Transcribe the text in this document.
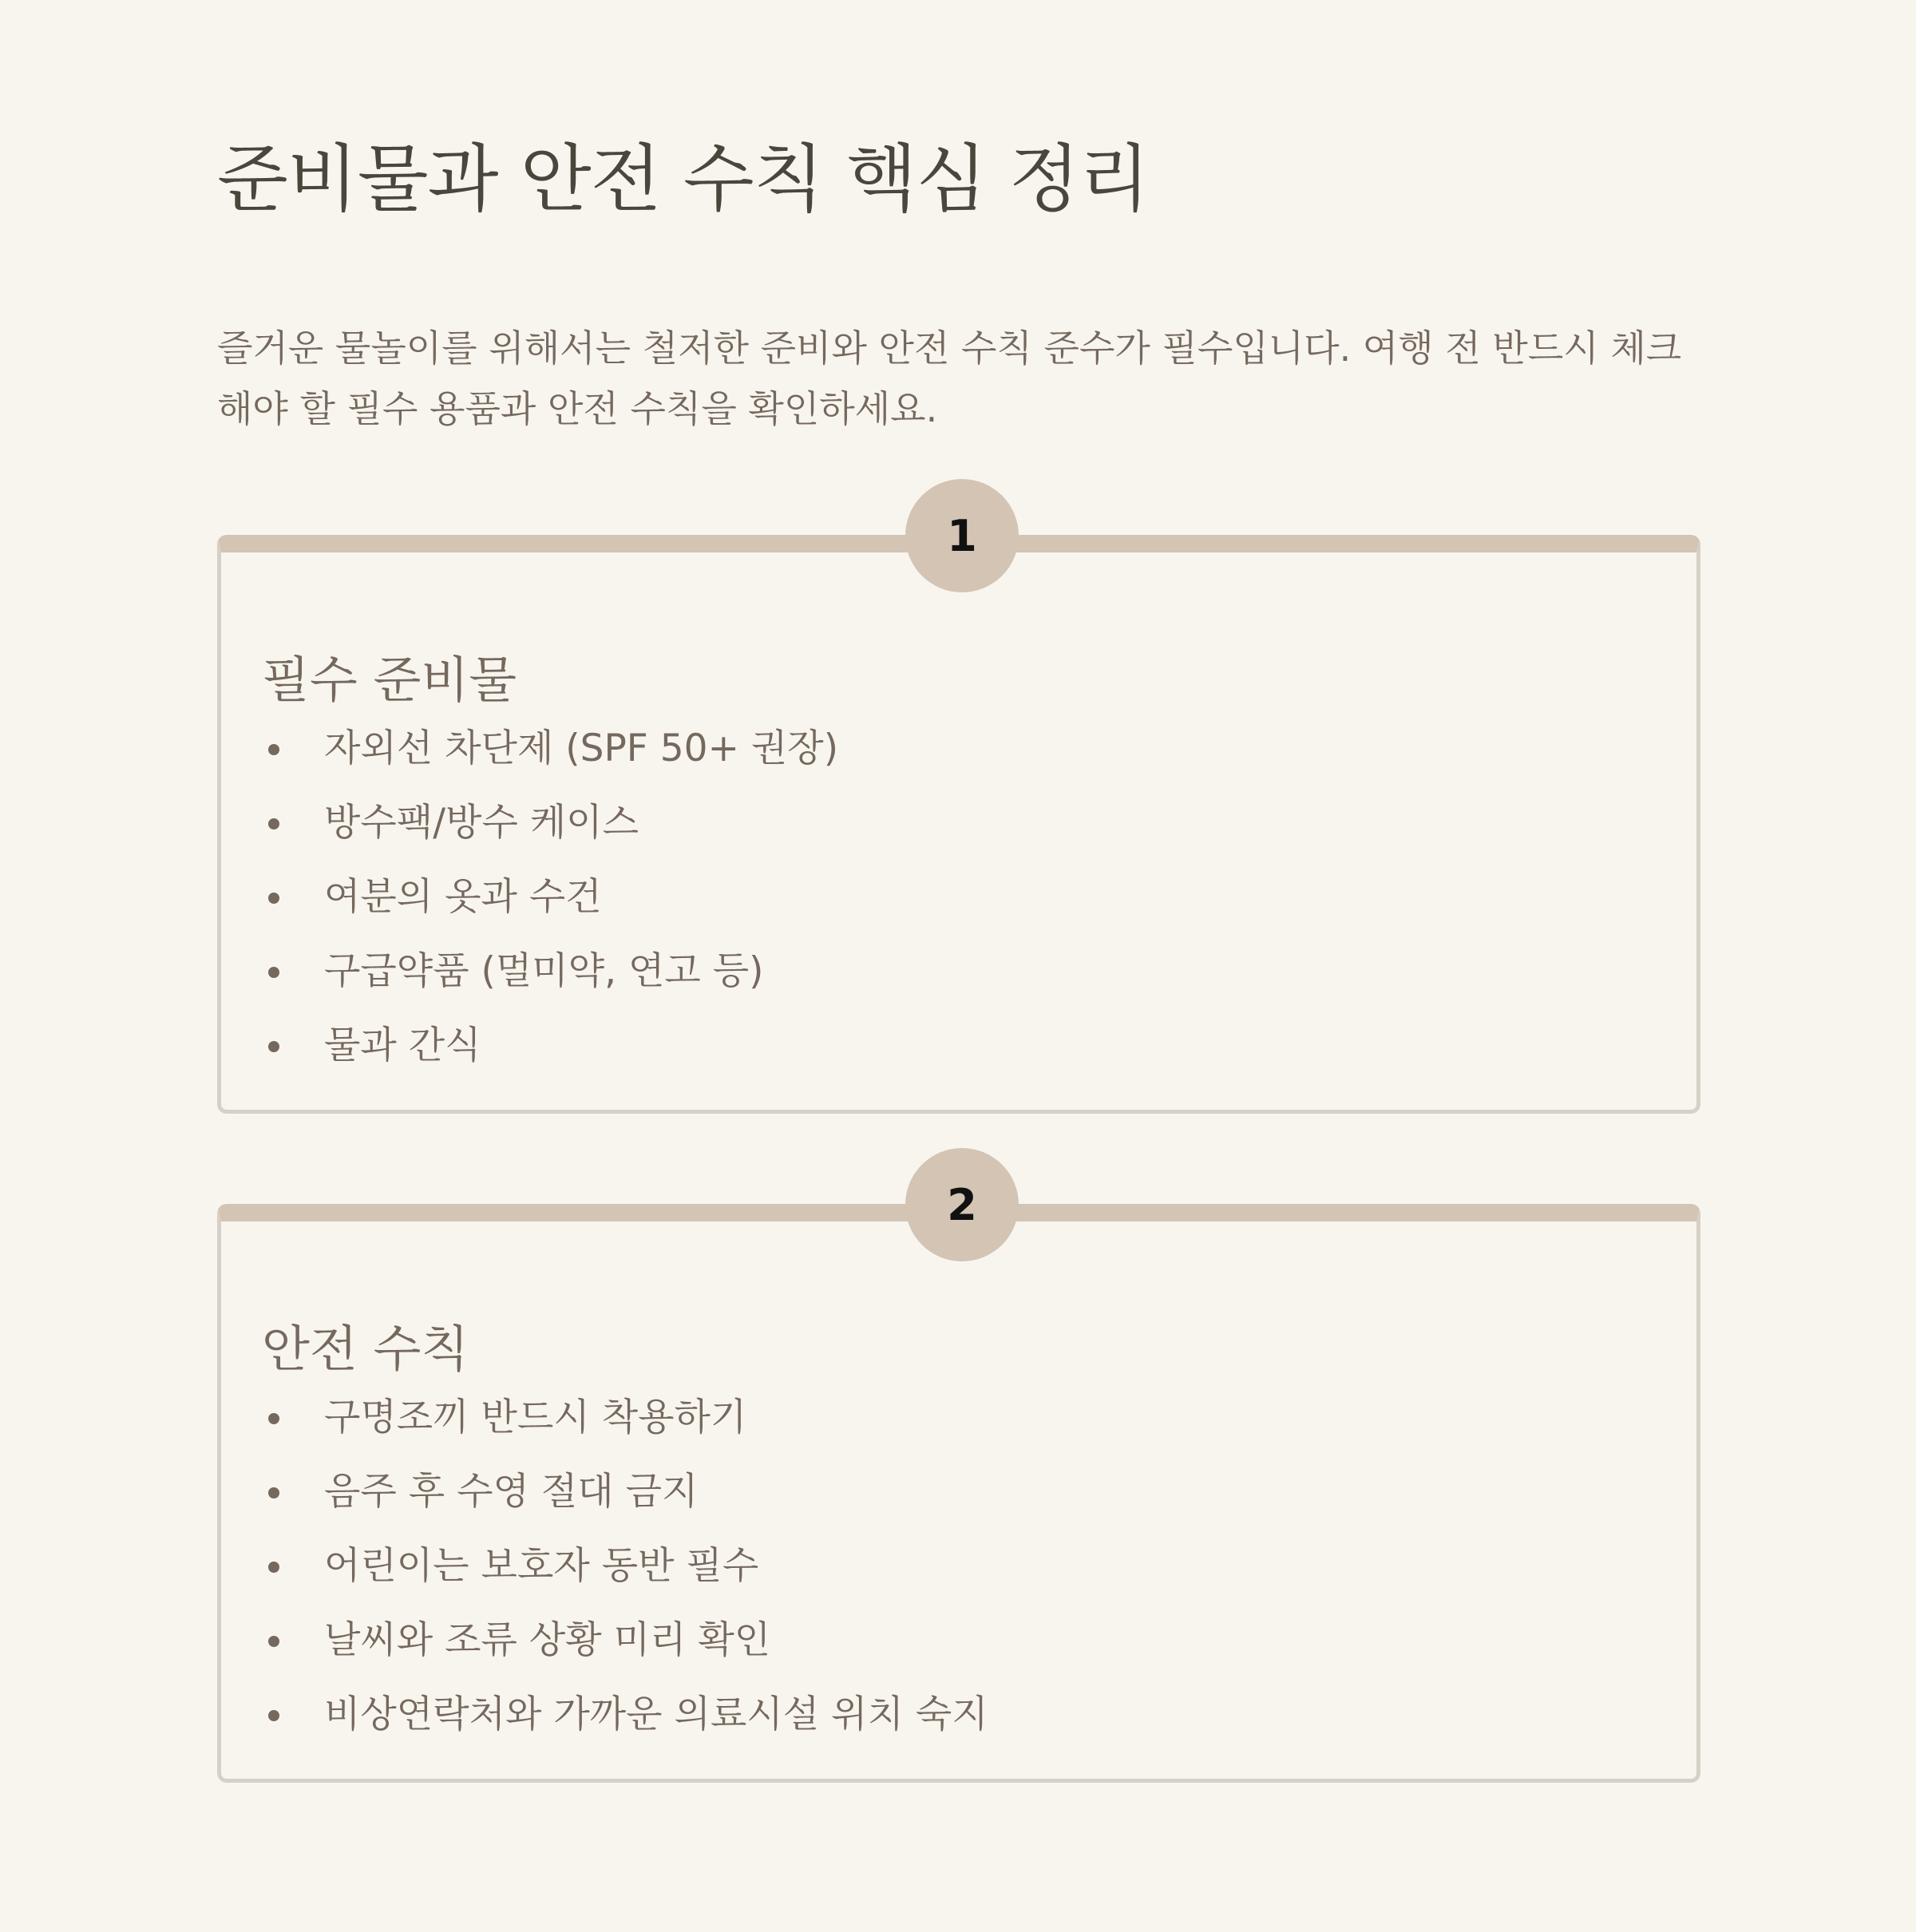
준비물과 안전 수칙 핵심 정리

즐거운 물놀이를 위해서는 철저한 준비와 안전 수칙 준수가 필수입니다. 여행 전 반드시 체크해야 할 필수 용품과 안전 수칙을 확인하세요.

1
필수 준비물
자외선 차단제 (SPF 50+ 권장)
방수팩/방수 케이스
여분의 옷과 수건
구급약품 (멀미약, 연고 등)
물과 간식
2
안전 수칙
구명조끼 반드시 착용하기
음주 후 수영 절대 금지
어린이는 보호자 동반 필수
날씨와 조류 상황 미리 확인
비상연락처와 가까운 의료시설 위치 숙지
